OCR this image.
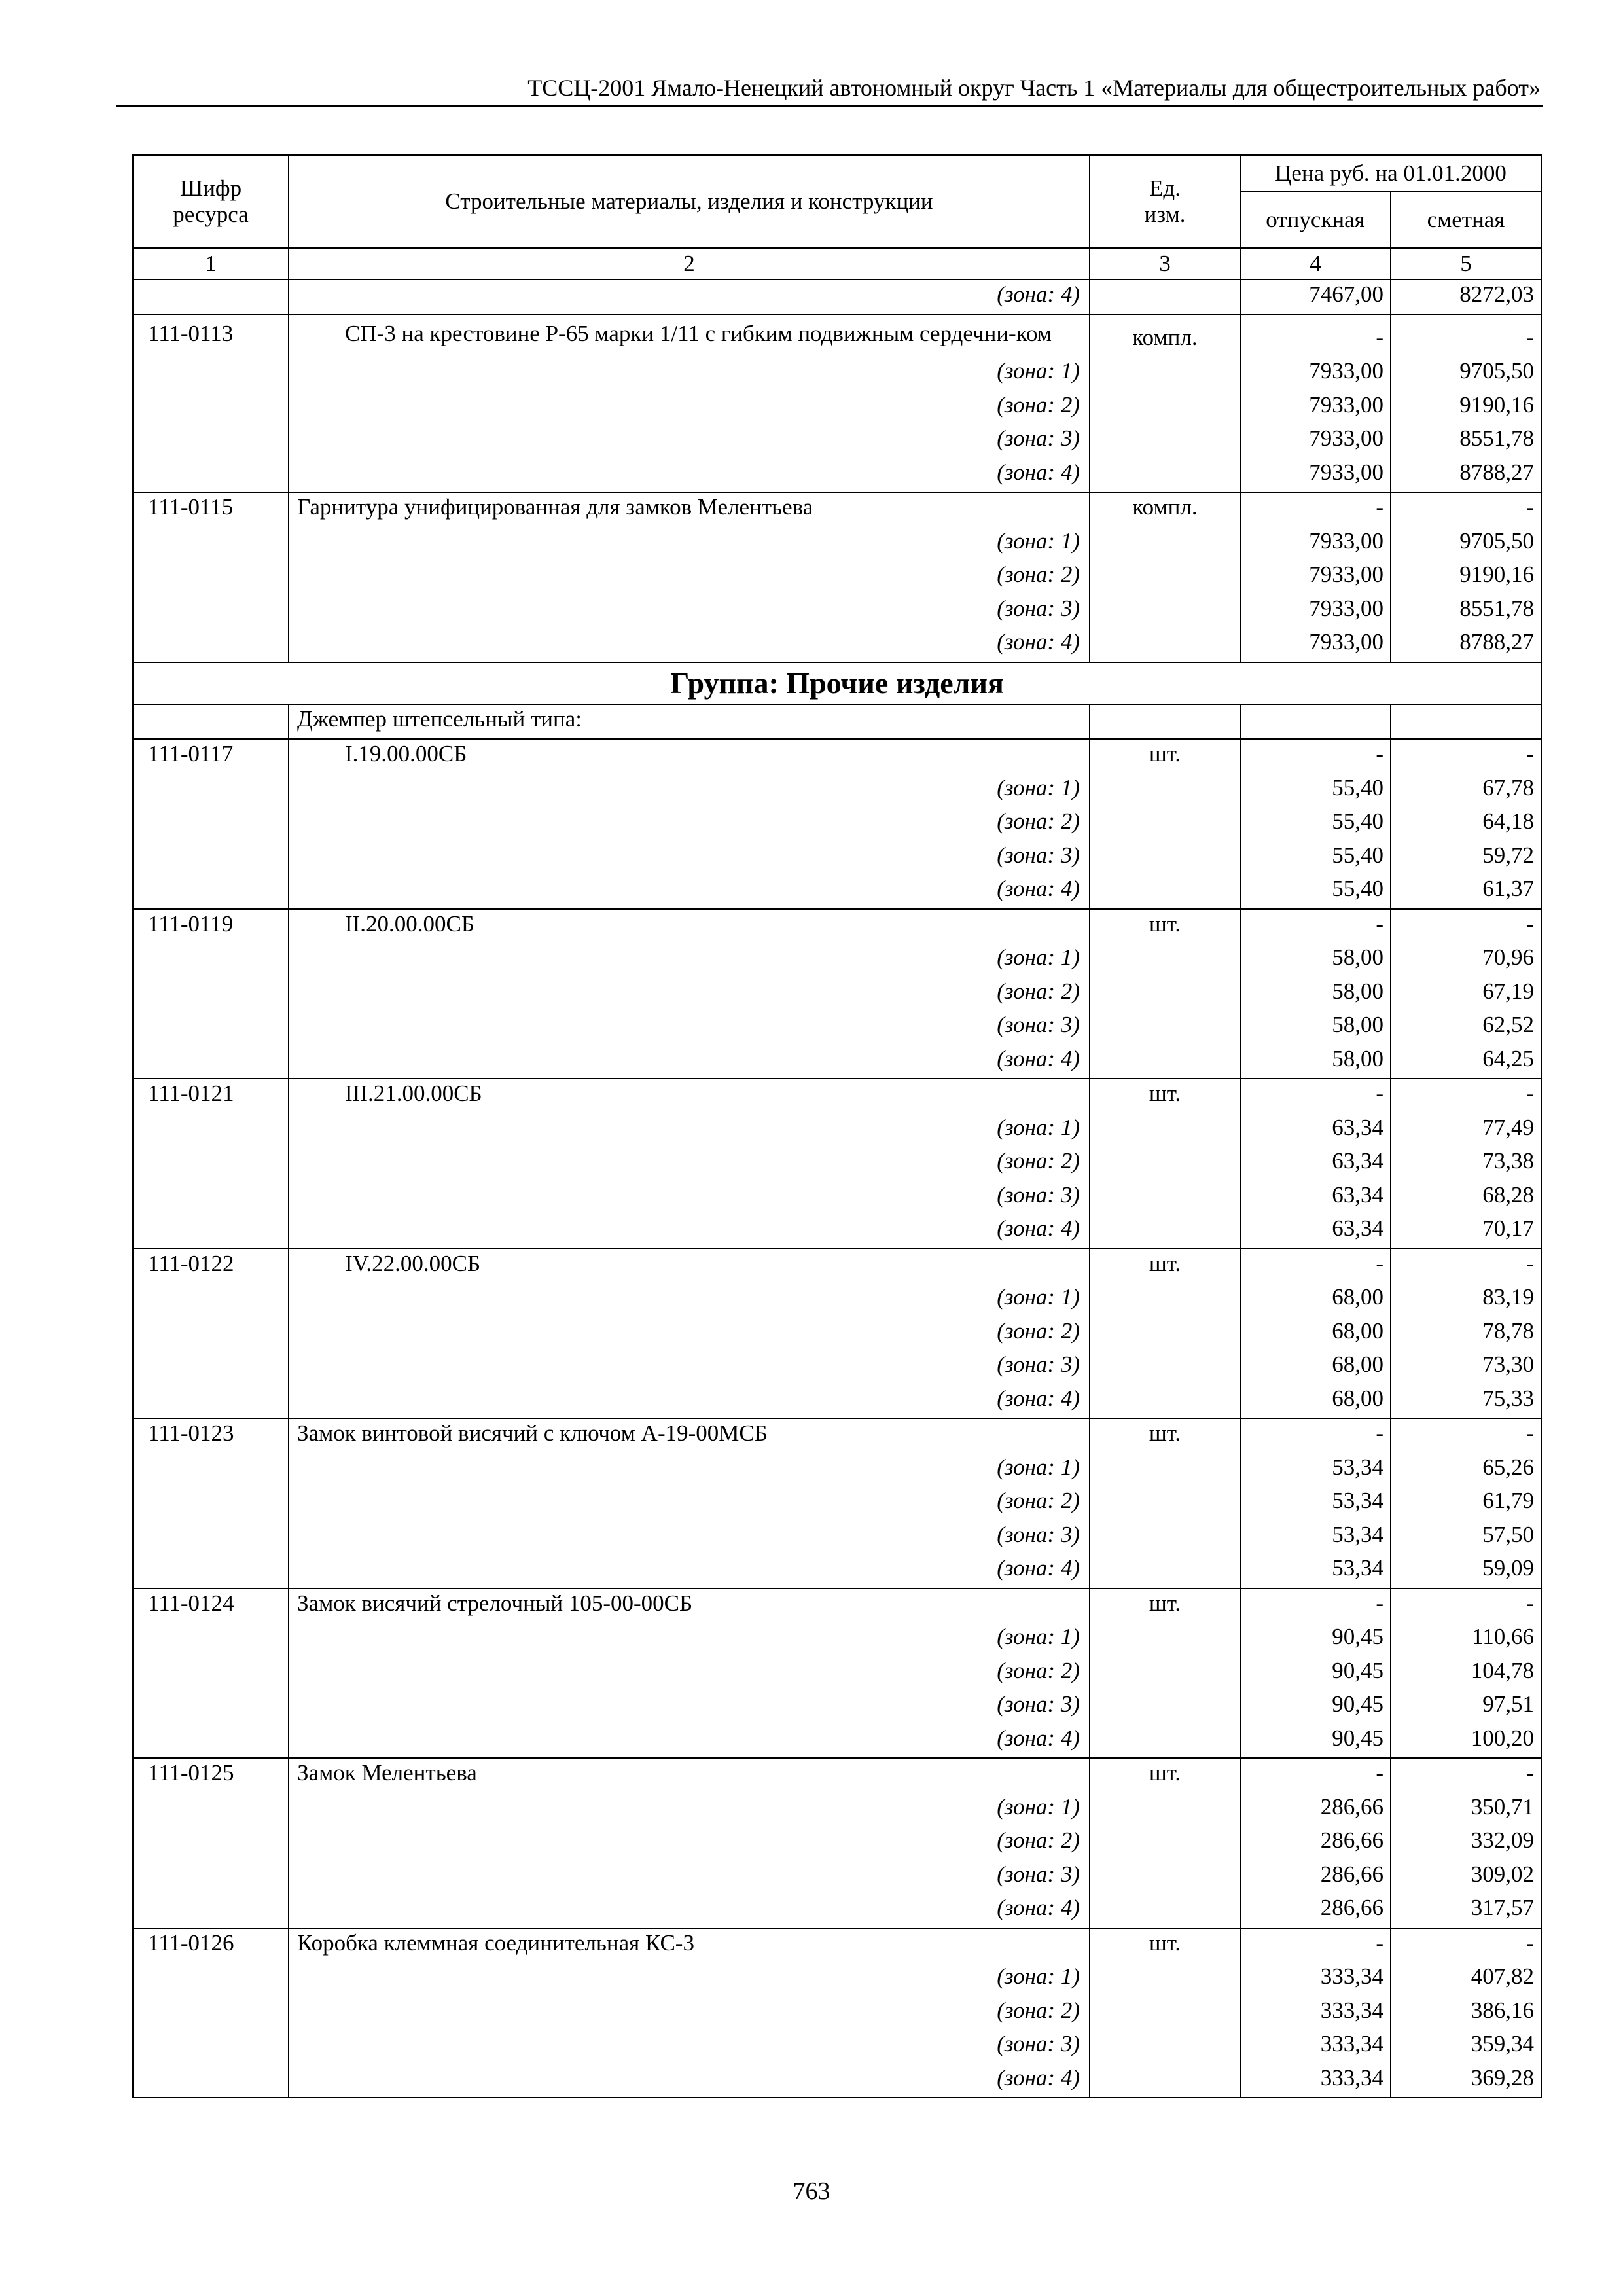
ТССЦ-2001 Ямало-Ненецкий автономный округ Часть 1 «Материалы для общестроительных работ»
Шифр
ресурса	Строительные материалы, изделия и конструкции	Ед.
изм.	Цена руб. на 01.01.2000	
			отпускная	сметная
1	2	3	4	5
	(зона: 4)		7467,00	8272,03
111-0113	СП-3 на крестовине Р-65 марки 1/11 с гибким подвижным сердечни-ком	компл.	-	-
	(зона: 1)		7933,00	9705,50
	(зона: 2)		7933,00	9190,16
	(зона: 3)		7933,00	8551,78
	(зона: 4)		7933,00	8788,27
111-0115	Гарнитура унифицированная для замков Мелентьева	компл.	-	-
	(зона: 1)		7933,00	9705,50
	(зона: 2)		7933,00	9190,16
	(зона: 3)		7933,00	8551,78
	(зона: 4)		7933,00	8788,27
Группа: Прочие изделия				
	Джемпер штепсельный типа:			
111-0117	I.19.00.00СБ	шт.	-	-
	(зона: 1)		55,40	67,78
	(зона: 2)		55,40	64,18
	(зона: 3)		55,40	59,72
	(зона: 4)		55,40	61,37
111-0119	II.20.00.00СБ	шт.	-	-
	(зона: 1)		58,00	70,96
	(зона: 2)		58,00	67,19
	(зона: 3)		58,00	62,52
	(зона: 4)		58,00	64,25
111-0121	III.21.00.00СБ	шт.	-	-
	(зона: 1)		63,34	77,49
	(зона: 2)		63,34	73,38
	(зона: 3)		63,34	68,28
	(зона: 4)		63,34	70,17
111-0122	IV.22.00.00СБ	шт.	-	-
	(зона: 1)		68,00	83,19
	(зона: 2)		68,00	78,78
	(зона: 3)		68,00	73,30
	(зона: 4)		68,00	75,33
111-0123	Замок винтовой висячий с ключом А-19-00МСБ	шт.	-	-
	(зона: 1)		53,34	65,26
	(зона: 2)		53,34	61,79
	(зона: 3)		53,34	57,50
	(зона: 4)		53,34	59,09
111-0124	Замок висячий стрелочный 105-00-00СБ	шт.	-	-
	(зона: 1)		90,45	110,66
	(зона: 2)		90,45	104,78
	(зона: 3)		90,45	97,51
	(зона: 4)		90,45	100,20
111-0125	Замок Мелентьева	шт.	-	-
	(зона: 1)		286,66	350,71
	(зона: 2)		286,66	332,09
	(зона: 3)		286,66	309,02
	(зона: 4)		286,66	317,57
111-0126	Коробка клеммная соединительная КС-3	шт.	-	-
	(зона: 1)		333,34	407,82
	(зона: 2)		333,34	386,16
	(зона: 3)		333,34	359,34
	(зона: 4)		333,34	369,28
763
